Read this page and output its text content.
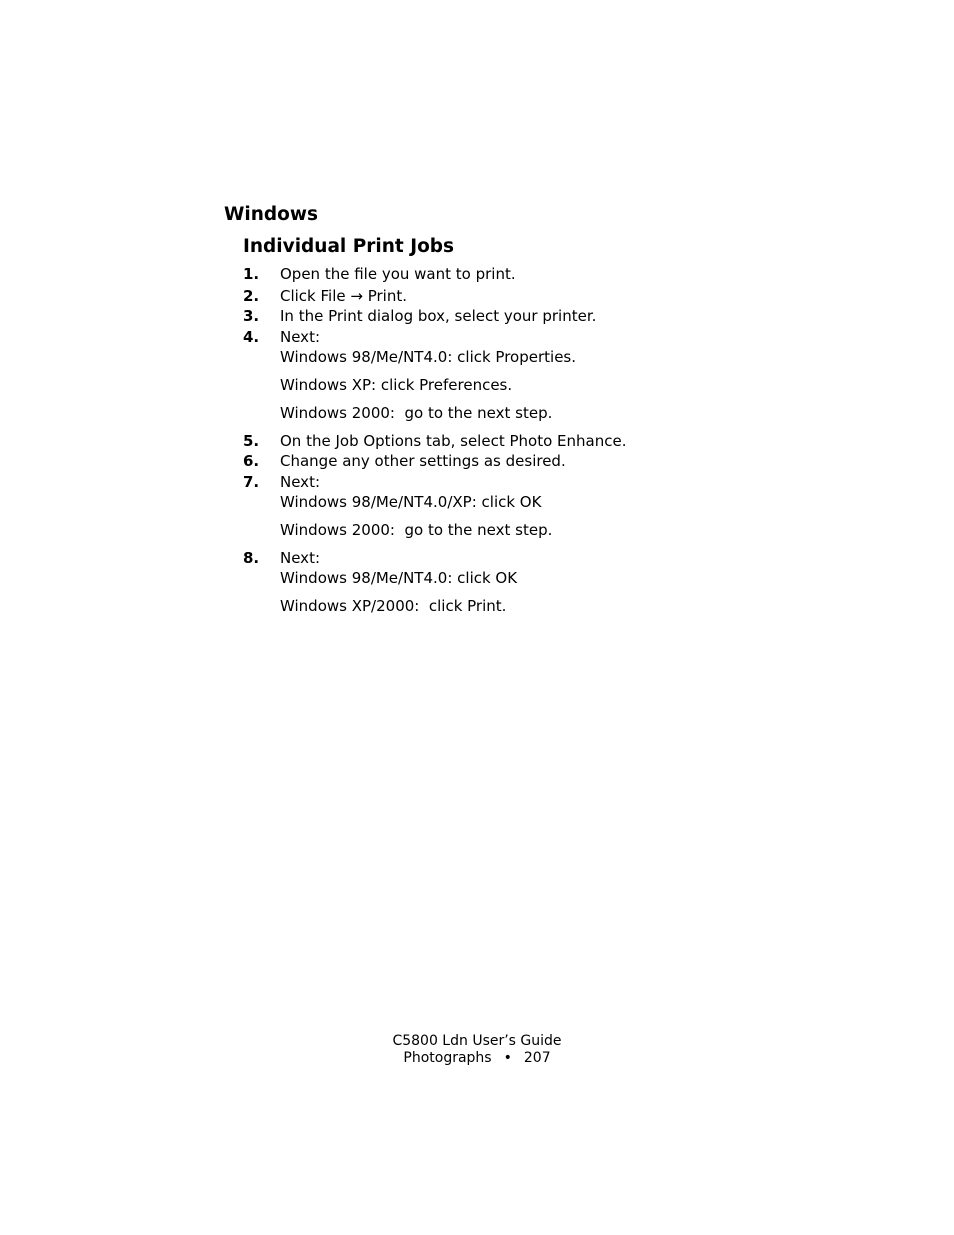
Windows
Individual Print Jobs
1. Open the file you want to print.
2. Click File → Print.
3. In the Print dialog box, select your printer.
4. Next:
Windows 98/Me/NT4.0: click Properties.
Windows XP: click Preferences.
Windows 2000:  go to the next step.
5. On the Job Options tab, select Photo Enhance.
6. Change any other settings as desired.
7. Next:
Windows 98/Me/NT4.0/XP: click OK
Windows 2000:  go to the next step.
8. Next:
Windows 98/Me/NT4.0: click OK
Windows XP/2000:  click Print.
C5800 Ldn User’s Guide
Photographs • 207
